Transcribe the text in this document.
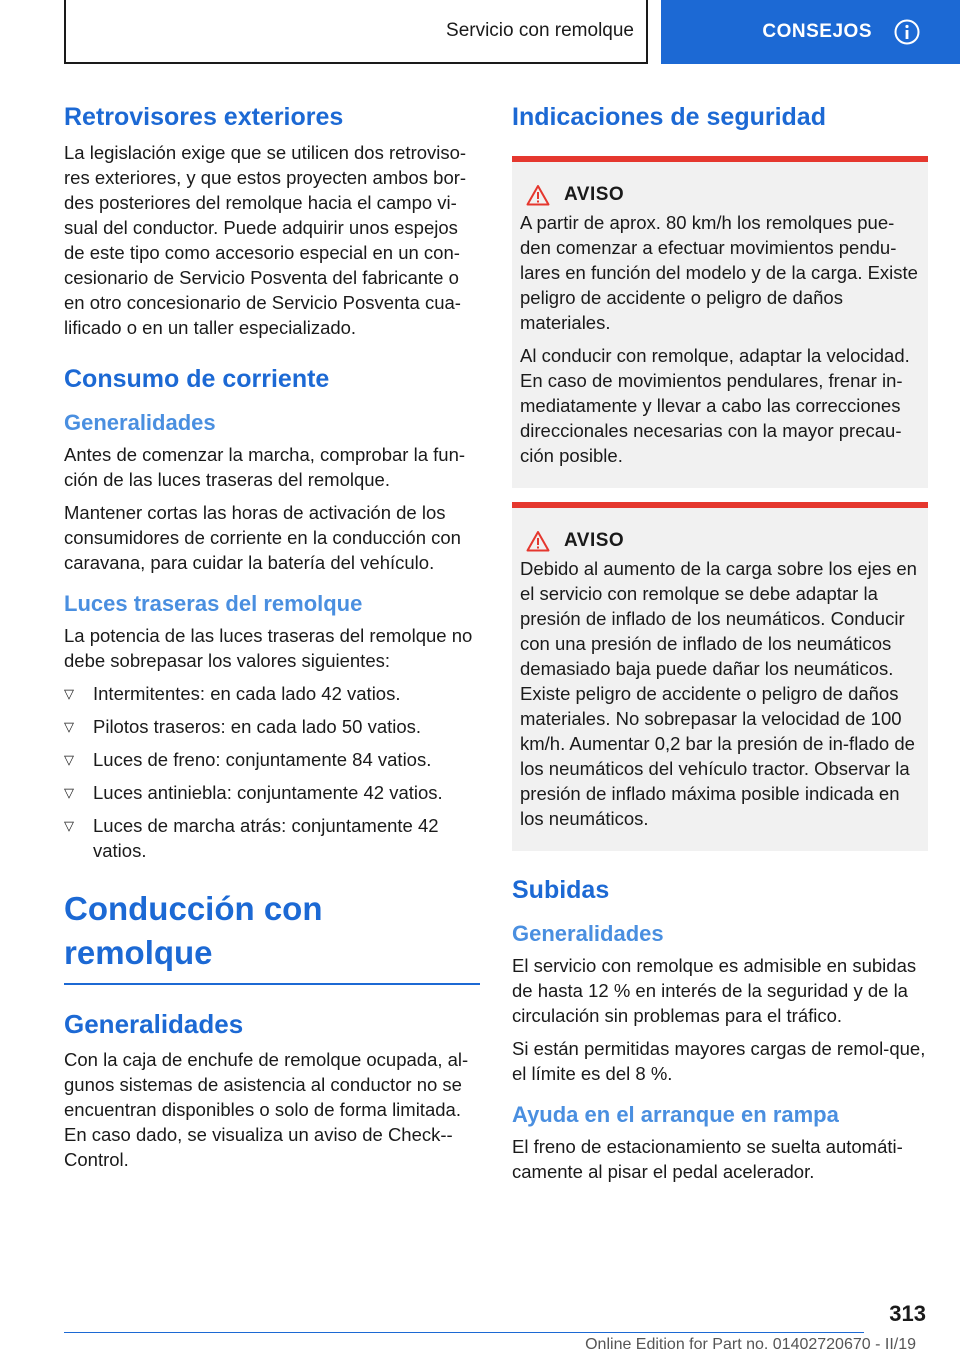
Servicio con remolque	CONSEJOS
Retrovisores exteriores

La legislación exige que se utilicen dos retroviso-res exteriores, y que estos proyecten ambos bor-des posteriores del remolque hacia el campo vi-sual del conductor. Puede adquirir unos espejos de este tipo como accesorio especial en un con-cesionario de Servicio Posventa del fabricante o en otro concesionario de Servicio Posventa cua-lificado o en un taller especializado.

Consumo de corriente
Generalidades

Antes de comenzar la marcha, comprobar la fun-ción de las luces traseras del remolque.

Mantener cortas las horas de activación de los consumidores de corriente en la conducción con caravana, para cuidar la batería del vehículo.

Luces traseras del remolque

La potencia de las luces traseras del remolque no debe sobrepasar los valores siguientes:

▽ Intermitentes: en cada lado 42 vatios.
▽ Pilotos traseros: en cada lado 50 vatios.
▽ Luces de freno: conjuntamente 84 vatios.
▽ Luces antiniebla: conjuntamente 42 vatios.
▽ Luces de marcha atrás: conjuntamente 42 vatios.
Conducción con remolque
Generalidades

Con la caja de enchufe de remolque ocupada, al-gunos sistemas de asistencia al conductor no se encuentran disponibles o solo de forma limitada. En caso dado, se visualiza un aviso de Check--Control.

Indicaciones de seguridad
AVISO

A partir de aprox. 80 km/h los remolques pue-den comenzar a efectuar movimientos pendu-lares en función del modelo y de la carga. Existe peligro de accidente o peligro de daños materiales.

Al conducir con remolque, adaptar la velocidad. En caso de movimientos pendulares, frenar in-mediatamente y llevar a cabo las correcciones direccionales necesarias con la mayor precau-ción posible.

AVISO

Debido al aumento de la carga sobre los ejes en el servicio con remolque se debe adaptar la presión de inflado de los neumáticos. Conducir con una presión de inflado de los neumáticos demasiado baja puede dañar los neumáticos. Existe peligro de accidente o peligro de daños materiales. No sobrepasar la velocidad de 100 km/h. Aumentar 0,2 bar la presión de in-flado de los neumáticos del vehículo tractor. Observar la presión de inflado máxima posible indicada en los neumáticos.

Subidas
Generalidades

El servicio con remolque es admisible en subidas de hasta 12 % en interés de la seguridad y de la circulación sin problemas para el tráfico.

Si están permitidas mayores cargas de remol-que, el límite es del 8 %.

Ayuda en el arranque en rampa

El freno de estacionamiento se suelta automáti-camente al pisar el pedal acelerador.

313
Online Edition for Part no. 01402720670 - II/19
